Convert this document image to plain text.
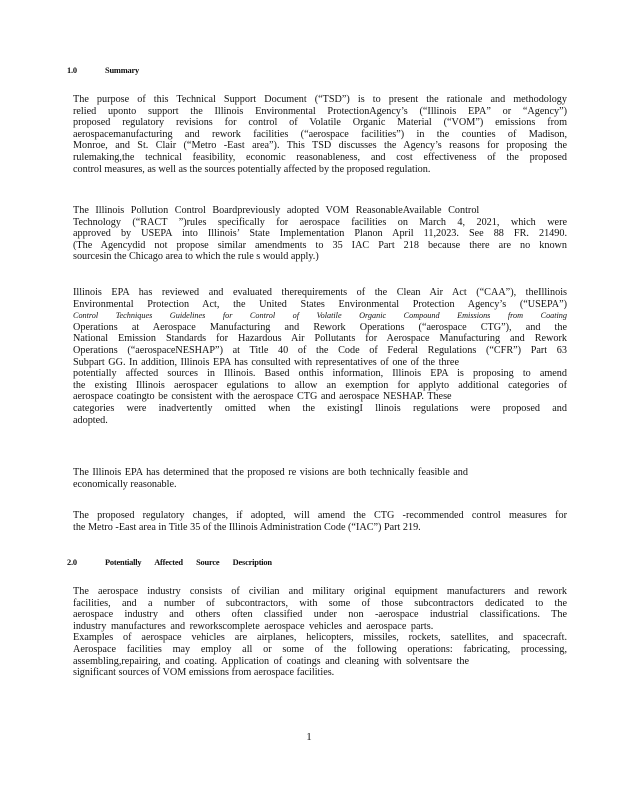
1.0	Summary
The purpose of this Technical Support Document (“TSD”) is to present the rationale and methodology
relied uponto support the Illinois Environmental ProtectionAgency’s (“Illinois EPA” or “Agency”)
proposed regulatory revisions for control of Volatile Organic Material (“VOM”) emissions from
aerospacemanufacturing and rework facilities (“aerospace facilities”) in the counties of Madison,
Monroe, and St. Clair (“Metro -East area”). This TSD discusses the Agency’s reasons for proposing the
rulemaking,the technical feasibility, economic reasonableness, and cost effectiveness of the proposed
control measures, as well as the sources potentially affected by the proposed regulation.
The Illinois Pollution Control Boardpreviously adopted VOM ReasonableAvailable Control
Technology (“RACT ”)rules specifically for aerospace facilities on March 4, 2021, which were
approved by USEPA into Illinois’ State Implementation Planon April 11,2023. See 88 FR. 21490.
(The Agencydid not propose similar amendments to 35 IAC Part 218 because there are no known
sourcesin the Chicago area to which the rule s would apply.)
Illinois EPA has reviewed and evaluated therequirements of the Clean Air Act (“CAA”), theIllinois
Environmental Protection Act, the United States Environmental Protection Agency’s (“USEPA”)
Control Techniques Guidelines for Control of Volatile Organic Compound Emissions from Coating
Operations at Aerospace Manufacturing and Rework Operations (“aerospace CTG”), and the
National Emission Standards for Hazardous Air Pollutants for Aerospace Manufacturing and Rework
Operations (“aerospaceNESHAP”) at Title 40 of the Code of Federal Regulations (“CFR”) Part 63
Subpart GG. In addition, Illinois EPA has consulted with representatives of one of the three
potentially affected sources in Illinois. Based onthis information, Illinois EPA is proposing to amend
the existing Illinois aerospacer egulations to allow an exemption for applyto additional categories of
aerospace coatingto be consistent with the aerospace CTG and aerospace NESHAP. These
categories were inadvertently omitted when the existingI llinois regulations were proposed and
adopted.
The Illinois EPA has determined that the proposed re visions are both technically feasible and
economically reasonable.
The proposed regulatory changes, if adopted, will amend the CTG -recommended control measures for
the Metro -East area in Title 35 of the Illinois Administration Code (“IAC”) Part 219.
2.0	Potentially       Affected       Source       Description
The aerospace industry consists of civilian and military original equipment manufacturers and rework
facilities, and a number of subcontractors, with some of those subcontractors dedicated to the
aerospace industry and others often classified under non -aerospace industrial classifications. The
industry manufactures and reworkscomplete aerospace vehicles and aerospace parts.
Examples of aerospace vehicles are airplanes, helicopters, missiles, rockets, satellites, and spacecraft.
Aerospace facilities may employ all or some of the following operations: fabricating, processing,
assembling,repairing, and coating. Application of coatings and cleaning with solventsare the
significant sources of VOM emissions from aerospace facilities.
1
